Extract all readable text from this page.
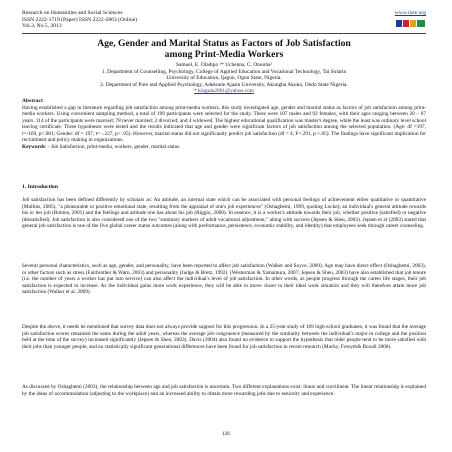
Research on Humanities and Social Sciences
ISSN 2222-1719 (Paper) ISSN 2222-2863 (Online)
Vol.3, No.5, 2013
www.iiste.org
Age, Gender and Marital Status as Factors of Job Satisfaction
among Print-Media Workers
Samuel, E. Oladipo ¹* Uchenna, C. Onuoha²
1. Department of Counselling, Psychology, College of Applied Education and Vocational Technology, Tai Solarin
University of Education, Ijagun, Ogun State, Nigeria.
2. Department of Pure and Applied Psychology, Adekunle Ajasin University, Akungba Akoko, Ondo State Nigeria.
* kingola2001@yahoo.com
Abstract

Having established a gap in literature regarding job satisfaction among print-media workers, this study investigated age, gender and marital status as factors of job satisfaction among print-media workers. Using convenient sampling method, a total of 199 participants were selected for the study. There were 107 males and 92 females, with their ages ranging between 20 – 67 years. 114 of the participants were married; 78 never married; 2 divorced; and 4 widowed. The highest educational qualification was master's degree, while the least was ordinary level school leaving certificate. Three hypotheses were tested and the results indicated that age and gender were significant factors of job satisfaction among the selected population. (Age: df =197, t=-169, p<.001; Gender: df = 197, t= -.227, p< .05). However, marital status did not significantly predict job satisfaction (df = 4, F=.291, p >.05). The findings have significant implication for recruitment and policy making in organizations.

Keywords: - Job Satisfaction, print-media, workers, gender, marital status

1. Introduction

Job satisfaction has been defined differently by scholars as: An attitude, an internal state which can be associated with personal feelings of achievement either qualitative or quantitative (Mullins, 2005), "a pleasurable or positive emotional state, resulting from the appraisal of one's job experiences" (Oshagbemi, 1999, quoting Locke); an individual's general attitude towards his or her job (Robins, 2001) and the feelings and attitude one has about his job (Riggio, 2000). In essence, it is a worker's attitude towards their job, whether positive (satisfied) or negative (dissatisfied). Job satisfaction is also considered one of the two "summary markers of adult vocational adjustment," along with success (Jepsen & Sheu, 2003). Jepsen et al (2003) stated that general job satisfaction is one of the five global career status outcomes (along with performance, persistence, economic stability, and identity) that employees seek through career counseling.

Several personal characteristics, such as age, gender, and personality, have been reported to affect job satisfaction (Walker and Soyce, 2009). Age may have direct effect (Oshagbemi, 2003), or other factors such as stress (Fairbrother & Warn, 2003) and personality (Judge & Bretz, 1992). (Westerman & Yamamura, 2007; Jepsen & Sheu, 2003) have also established that job tenure (i.e. the number of years a worker has put into service) can also affect the individual's level of job satisfaction. In other words, as people progress through the career life stages, their job satisfaction is expected to increase. As the individual gains more work experience, they will be able to move closer to their ideal work situation and they will therefore attain more job satisfaction (Walker et al. 2009).

Despite the above, it needs be mentioned that survey data does not always provide support for this progression. In a 25-year study of 169 high-school graduates, it was found that the average job satisfaction scores remained the same during the adult years, whereas the average job congruence (measured by the similarity between the individual's major in college and the position held at the time of the survey) increased significantly (Jepsen & Sheu, 2003). Davis (2004) also found no evidence to support the hypothesis that older people tend to be more satisfied with their jobs than younger people, and no statistically significant generational differences have been found for job satisfaction in recent research (Macky, Forsyth& Boxall 2008).

As discussed by Oshagbemi (2003), the relationship between age and job satisfaction is uncertain. Two different explanations exist: linear and curvilinear. The linear relationship is explained by the ideas of accommodation (adjusting to the workplace) and an increased ability to obtain more rewarding jobs due to seniority and experience.

126
